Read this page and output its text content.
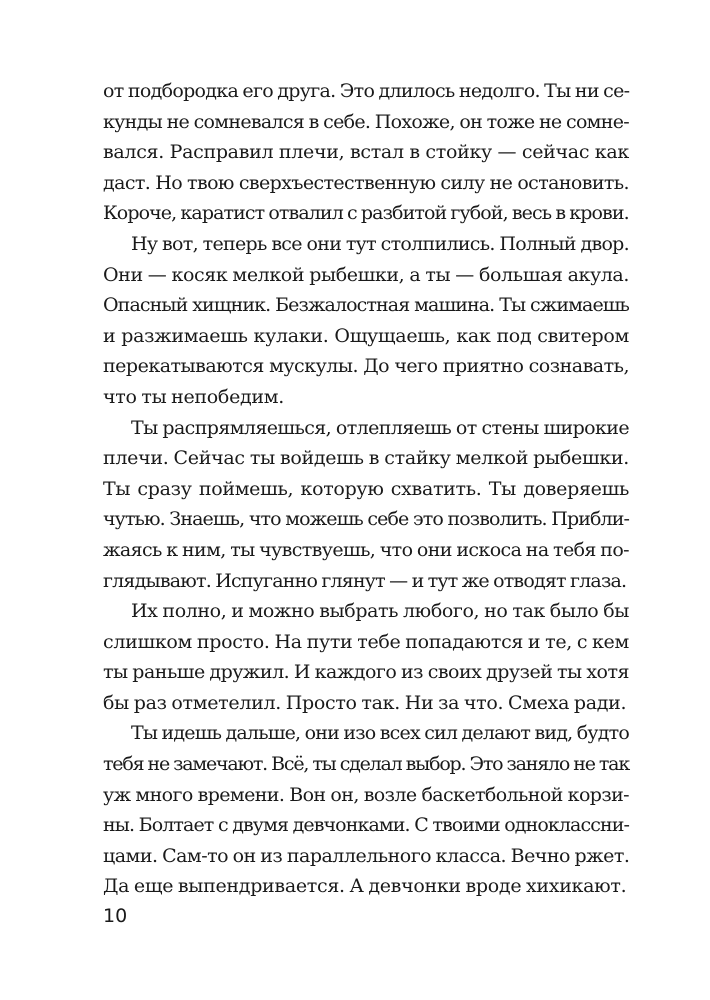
от подбородка его друга. Это длилось недолго. Ты ни се-
кунды не сомневался в себе. Похоже, он тоже не сомне-
вался. Расправил плечи, встал в стойку — сейчас как
даст. Но твою сверхъестественную силу не остановить.
Короче, каратист отвалил с разбитой губой, весь в крови.
Ну вот, теперь все они тут столпились. Полный двор.
Они — косяк мелкой рыбешки, а ты — большая акула.
Опасный хищник. Безжалостная машина. Ты сжимаешь
и разжимаешь кулаки. Ощущаешь, как под свитером
перекатываются мускулы. До чего приятно сознавать,
что ты непобедим.
Ты распрямляешься, отлепляешь от стены широкие
плечи. Сейчас ты войдешь в стайку мелкой рыбешки.
Ты сразу поймешь, которую схватить. Ты доверяешь
чутью. Знаешь, что можешь себе это позволить. Прибли-
жаясь к ним, ты чувствуешь, что они искоса на тебя по-
глядывают. Испуганно глянут — и тут же отводят глаза.
Их полно, и можно выбрать любого, но так было бы
слишком просто. На пути тебе попадаются и те, с кем
ты раньше дружил. И каждого из своих друзей ты хотя
бы раз отметелил. Просто так. Ни за что. Смеха ради.
Ты идешь дальше, они изо всех сил делают вид, будто
тебя не замечают. Всё, ты сделал выбор. Это заняло не так
уж много времени. Вон он, возле баскетбольной корзи-
ны. Болтает с двумя девчонками. С твоими одноклассни-
цами. Сам-то он из параллельного класса. Вечно ржет.
Да еще выпендривается. А девчонки вроде хихикают.
10
